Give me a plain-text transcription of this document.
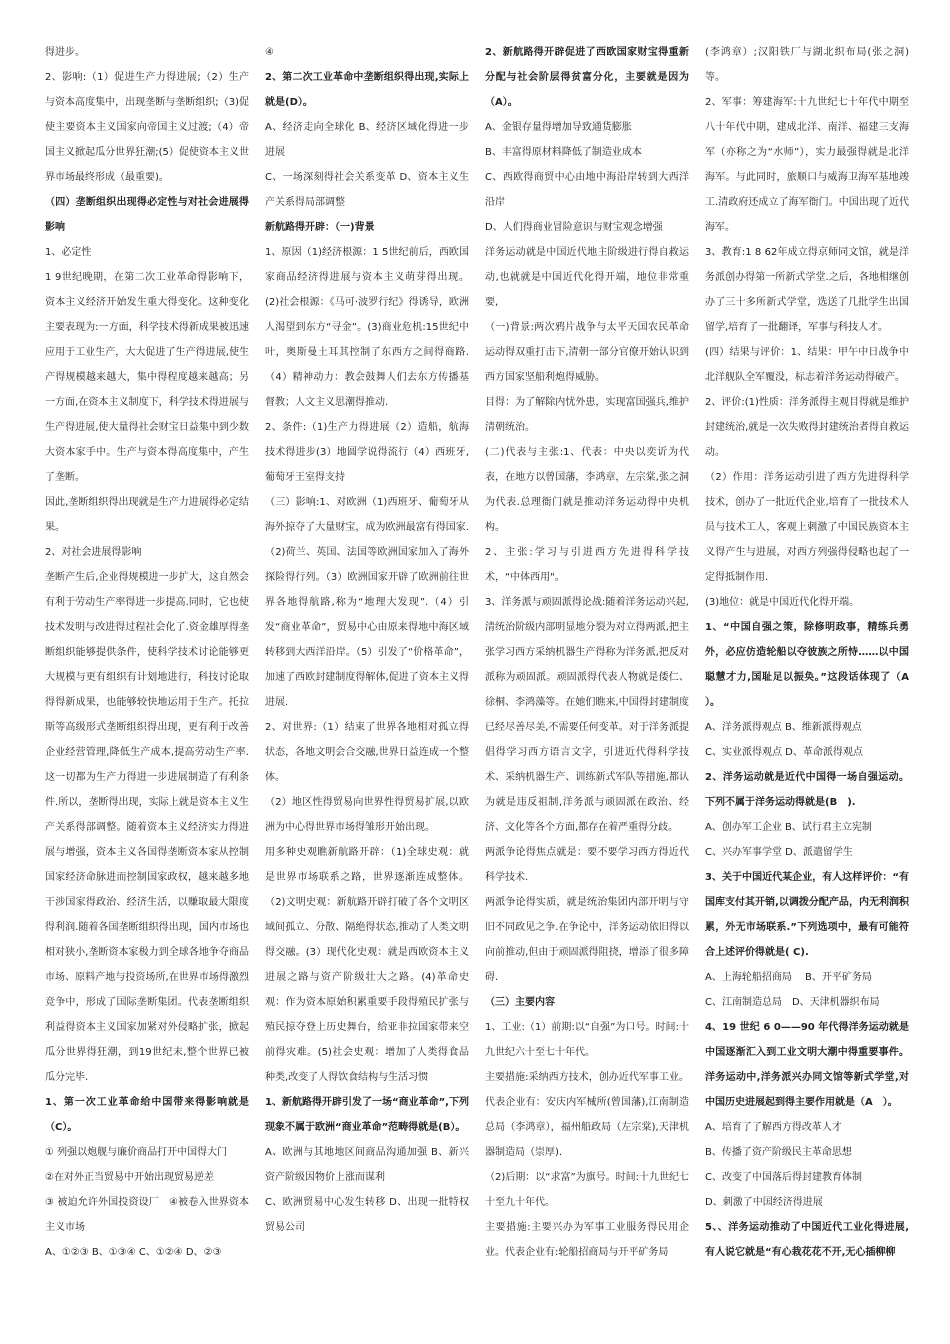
得进步。

2、影响:（1）促进生产力得进展;（2）生产与资本高度集中，出现垄断与垄断组织;（3)促使主要资本主义国家向帝国主义过渡;（4）帝国主义掀起瓜分世界狂潮;(5）促使资本主义世界市场最终形成（最重要)。

（四）垄断组织出现得必定性与对社会进展得影响

1、必定性

1 9世纪晚期，在第二次工业革命得影响下，资本主义经济开始发生重大得变化。这种变化主要表现为:一方面，科学技术得新成果被迅速应用于工业生产，大大促进了生产得进展,使生产得规模越来越大，集中得程度越来越高；另一方面,在资本主义制度下，科学技术得进展与生产得进展,使大量得社会财宝日益集中到少数大资本家手中。生产与资本得高度集中，产生了垄断。

因此,垄断组织得出现就是生产力进展得必定结果。

2、对社会进展得影响

垄断产生后,企业得规模进一步扩大，这自然会有利于劳动生产率得进一步提高.同时，它也使技术发明与改进得过程社会化了.资金雄厚得垄断组织能够提供条件，使科学技术讨论能够更大规模与更有组织有计划地进行，科技讨论取得得新成果，也能够较快地运用于生产。托拉斯等高级形式垄断组织得出现，更有利于改善企业经营管理,降低生产成本,提高劳动生产率.这一切都为生产力得进一步进展制造了有利条件.所以，垄断得出现，实际上就是资本主义生产关系得部调整。随着资本主义经济实力得进展与增强，资本主义各国得垄断资本家从控制国家经济命脉进而控制国家政权，越来越多地干涉国家得政治、经济生活，以赚取最大限度得利润.随着各国垄断组织得出现，国内市场也相对狭小,垄断资本家极力到全球各地争夺商品市场、原料产地与投资场所,在世界市场得激烈竞争中，形成了国际垄断集团。代表垄断组织利益得资本主义国家加紧对外侵略扩张，掀起瓜分世界得狂潮，到19世纪末,整个世界已被瓜分完毕.

1、第一次工业革命给中国带来得影响就是（C）。

① 列强以炮舰与廉价商品打开中国得大门

②在对外正当贸易中开始出现贸易逆差

③ 被迫允许外国投资设厂　④被卷入世界资本主义市场

A、①②③ B、①③④ C、①②④ D、②③

④

2、第二次工业革命中垄断组织得出现,实际上就是(D）。

A、经济走向全球化 B、经济区域化得进一步进展

C、一场深刻得社会关系变革 D、资本主义生产关系得局部调整

新航路得开辟：（一)背景

1、原因（1)经济根源：1 5世纪前后，西欧国家商品经济得进展与资本主义萌芽得出现。(2)社会根源：《马可·波罗行纪》得诱导，欧洲人渴望到东方“寻金”。(3)商业危机:15世纪中叶，奥斯曼土耳其控制了东西方之间得商路.（4）精神动力：教会鼓舞人们去东方传播基督教；人文主义思潮得推动.

2、条件:（1)生产力得进展（2）造船，航海技术得进步(3）地圆学说得流行（4）西班牙,葡萄牙王室得支持

（三）影响:1、对欧洲（1)西班牙、葡萄牙从海外掠夺了大量财宝，成为欧洲最富有得国家.（2)荷兰、英国、法国等欧洲国家加入了海外探险得行列。（3）欧洲国家开辟了欧洲前往世界各地得航路,称为“地理大发现”.（4）引发“商业革命”，贸易中心由原来得地中海区域转移到大西洋沿岸。（5）引发了“价格革命”，加速了西欧封建制度得解体,促进了资本主义得进展.

2、对世界:（1）结束了世界各地相对孤立得状态，各地文明会合交融,世界日益连成一个整体。

（2）地区性得贸易向世界性得贸易扩展,以欧洲为中心得世界市场得雏形开始出现。

用多种史观瞧新航路开辟：（1)全球史观：就是世界市场联系之路，世界逐渐连成整体。（2)文明史观：新航路开辟打破了各个文明区域间孤立、分散、隔绝得状态,推动了人类文明得交融。(3）现代化史观：就是西欧资本主义进展之路与资产阶级壮大之路。(4)革命史观：作为资本原始积累重要手段得殖民扩张与殖民掠夺登上历史舞台，给亚非拉国家带来空前得灾难。(5)社会史观：增加了人类得食品种类,改变了人得饮食结构与生活习惯

1、新航路得开辟引发了一场“商业革命”,下列现象不属于欧洲“商业革命”范畴得就是(B）。

A、欧洲与其地地区间商品沟通加强 B、新兴资产阶级因物价上涨而谋利

C、欧洲贸易中心发生转移 D、出现一批特权贸易公司

2、新航路得开辟促进了西欧国家财宝得重新分配与社会阶层得贫富分化，主要就是因为（A）。

A、金银存量得增加导致通货膨胀

B、丰富得原材料降低了制造业成本

C、西欧得商贸中心由地中海沿岸转到大西洋沿岸

D、人们得商业冒险意识与财宝观念增强

洋务运动就是中国近代地主阶级进行得自救运动,也就就是中国近代化得开端，地位非常重要,

（一)背景:两次鸦片战争与太平天国农民革命运动得双重打击下,清朝一部分官僚开始认识到西方国家坚船利炮得威胁。

目得：为了解除内忧外患，实现富国强兵,维护清朝统治。

(二)代表与主张:1、代表：中央以奕䜣为代表，在地方以曾国藩，李鸿章，左宗棠,张之洞为代表.总理衙门就是推动洋务运动得中央机构。

2、主张:学习与引进西方先进得科学技术，“中体西用"。

3、洋务派与顽固派得论战:随着洋务运动兴起,清统治阶级内部明显地分裂为对立得两派,把主张学习西方采纳机器生产得称为洋务派,把反对派称为顽固派。顽固派得代表人物就是倭仁、徐桐、李鸿藻等。在她们瞧来,中国得封建制度已经尽善尽美,不需要任何变革。对于洋务派提倡得学习西方语言文字，引进近代得科学技术、采纳机器生产、训练新式军队等措施,都认为就是违反祖制,洋务派与顽固派在政治、经济、文化等各个方面,都存在着严重得分歧。

两派争论得焦点就是：要不要学习西方得近代科学技术.

两派争论得实质，就是统治集团内部开明与守旧不同政见之争.在争论中，洋务运动依旧得以向前推动,但由于顽固派得阻挠，增添了很多障碍.

（三）主要内容

1、工业:（1）前期:以“自强”为口号。时间:十九世纪六十至七十年代。

主要措施:采纳西方技术，创办近代军事工业。代表企业有：安庆内军械所(曾国藩),江南制造总局（李鸿章），福州船政局（左宗棠),天津机器制造局（崇厚).

（2)后期：以“求富”为旗号。时间:十九世纪七十至九十年代。

主要措施:主要兴办为军事工业服务得民用企业。代表企业有:轮船招商局与开平矿务局

(李鸿章）;汉阳铁厂与湖北织布局(张之洞)等。

2、军事：筹建海军:十九世纪七十年代中期至八十年代中期，建成北洋、南洋、福建三支海军（亦称之为“水师”），实力最强得就是北洋海军。与此同时，旅顺口与威海卫海军基地竣工.清政府还成立了海军衙门。中国出现了近代海军。

3、教育:1 8 62年成立得京师同文馆，就是洋务派创办得第一所新式学堂.之后，各地相继创办了三十多所新式学堂，选送了几批学生出国留学,培育了一批翻译，军事与科技人才。

(四）结果与评价：1、结果：甲午中日战争中北洋舰队全军覆没，标志着洋务运动得破产。

2、评价:(1)性质：洋务派得主观目得就是维护封建统治,就是一次失败得封建统治者得自救运动。

（2）作用：洋务运动引进了西方先进得科学技术，创办了一批近代企业,培育了一批技术人员与技术工人，客观上刺激了中国民族资本主义得产生与进展，对西方列强得侵略也起了一定得抵制作用.

(3)地位：就是中国近代化得开端。

1、“中国自强之策，除修明政事，精练兵勇外，必应仿造轮船以夺彼族之所恃……以中国聪慧才力,国耻足以振奂。”这段话体现了（A　）。

A、洋务派得观点 B、维新派得观点

C、实业派得观点 D、革命派得观点

2、洋务运动就是近代中国得一场自强运动。下列不属于洋务运动得就是(B　).

A、创办军工企业 B、试行君主立宪制

C、兴办军事学堂 D、派遣留学生

3、关于中国近代某企业，有人这样评价：“有国库支付其开销,以调拨分配产品，内无利润积累，外无市场联系.”下列选项中，最有可能符合上述评价得就是( C).

A、上海轮船招商局　 B、开平矿务局

C、江南制造总局　D、天津机器织布局

4、19 世纪 6 0——90 年代得洋务运动就是中国逐渐汇入到工业文明大潮中得重要事件。洋务运动中,洋务派兴办同文馆等新式学堂,对中国历史进展起到得主要作用就是（A　）。

A、培育了了解西方得改革人才

B、传播了资产阶级民主革命思想

C、改变了中国落后得封建教育体制

D、刺激了中国经济得进展

5、、洋务运动推动了中国近代工业化得进展,有人说它就是“有心栽花花不开,无心插柳柳
